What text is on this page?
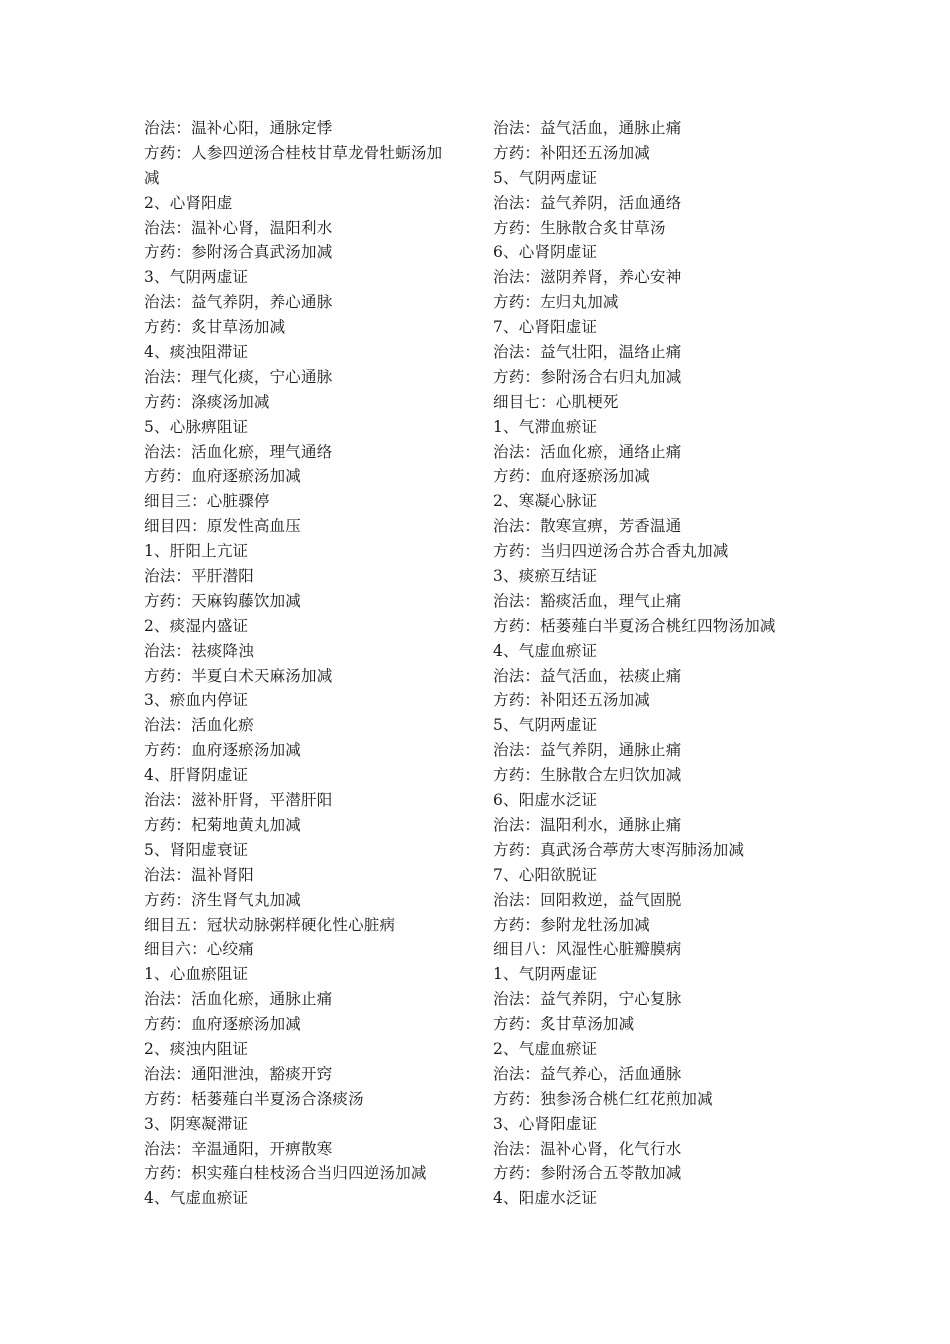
治法：温补心阳，通脉定悸
方药：人参四逆汤合桂枝甘草龙骨牡蛎汤加
减
2、心肾阳虚
治法：温补心肾，温阳利水
方药：参附汤合真武汤加减
3、气阴两虚证
治法：益气养阴，养心通脉
方药：炙甘草汤加减
4、痰浊阻滞证
治法：理气化痰，宁心通脉
方药：涤痰汤加减
5、心脉痹阻证
治法：活血化瘀，理气通络
方药：血府逐瘀汤加减
细目三：心脏骤停
细目四：原发性高血压
1、肝阳上亢证
治法：平肝潜阳
方药：天麻钩藤饮加减
2、痰湿内盛证
治法：祛痰降浊
方药：半夏白术天麻汤加减
3、瘀血内停证
治法：活血化瘀
方药：血府逐瘀汤加减
4、肝肾阴虚证
治法：滋补肝肾，平潜肝阳
方药：杞菊地黄丸加减
5、肾阳虚衰证
治法：温补肾阳
方药：济生肾气丸加减
细目五：冠状动脉粥样硬化性心脏病
细目六：心绞痛
1、心血瘀阻证
治法：活血化瘀，通脉止痛
方药：血府逐瘀汤加减
2、痰浊内阻证
治法：通阳泄浊，豁痰开窍
方药：栝蒌薤白半夏汤合涤痰汤
3、阴寒凝滞证
治法：辛温通阳，开痹散寒
方药：枳实薤白桂枝汤合当归四逆汤加减
4、气虚血瘀证
治法：益气活血，通脉止痛
方药：补阳还五汤加减
5、气阴两虚证
治法：益气养阴，活血通络
方药：生脉散合炙甘草汤
6、心肾阴虚证
治法：滋阴养肾，养心安神
方药：左归丸加减
7、心肾阳虚证
治法：益气壮阳，温络止痛
方药：参附汤合右归丸加减
细目七：心肌梗死
1、气滞血瘀证
治法：活血化瘀，通络止痛
方药：血府逐瘀汤加减
2、寒凝心脉证
治法：散寒宣痹，芳香温通
方药：当归四逆汤合苏合香丸加减
3、痰瘀互结证
治法：豁痰活血，理气止痛
方药：栝蒌薤白半夏汤合桃红四物汤加减
4、气虚血瘀证
治法：益气活血，祛痰止痛
方药：补阳还五汤加减
5、气阴两虚证
治法：益气养阴，通脉止痛
方药：生脉散合左归饮加减
6、阳虚水泛证
治法：温阳利水，通脉止痛
方药：真武汤合葶苈大枣泻肺汤加减
7、心阳欲脱证
治法：回阳救逆，益气固脱
方药：参附龙牡汤加减
细目八：风湿性心脏瓣膜病
1、气阴两虚证
治法：益气养阴，宁心复脉
方药：炙甘草汤加减
2、气虚血瘀证
治法：益气养心，活血通脉
方药：独参汤合桃仁红花煎加减
3、心肾阳虚证
治法：温补心肾，化气行水
方药：参附汤合五苓散加减
4、阳虚水泛证
